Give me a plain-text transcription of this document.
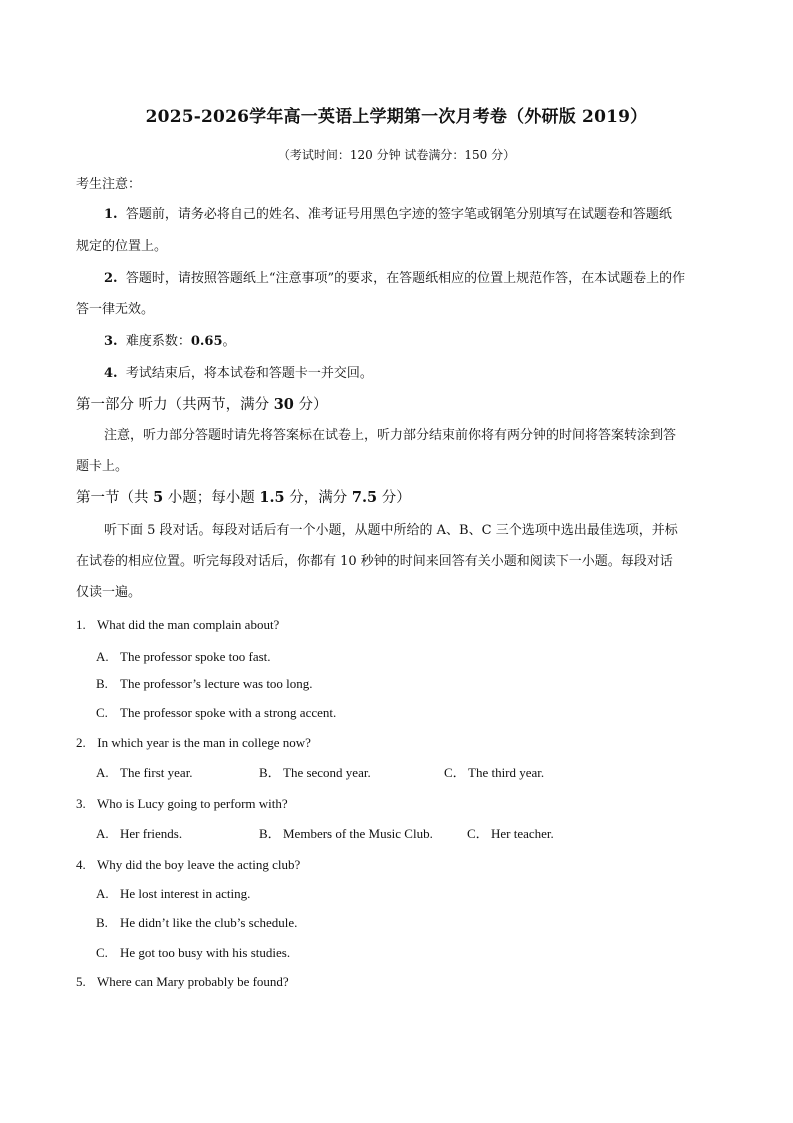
2025-2026学年高一英语上学期第一次月考卷（外研版 2019）
（考试时间：120 分钟 试卷满分：150 分）
考生注意：
1. 答题前，请务必将自己的姓名、准考证号用黑色字迹的签字笔或钢笔分别填写在试题卷和答题纸
规定的位置上。
2. 答题时，请按照答题纸上“注意事项”的要求，在答题纸相应的位置上规范作答，在本试题卷上的作
答一律无效。
3. 难度系数：0.65。
4. 考试结束后，将本试卷和答题卡一并交回。
第一部分 听力（共两节，满分 30 分）
注意，听力部分答题时请先将答案标在试卷上，听力部分结束前你将有两分钟的时间将答案转涂到答
题卡上。
第一节（共 5 小题；每小题 1.5 分，满分 7.5 分）
听下面 5 段对话。每段对话后有一个小题，从题中所给的 A、B、C 三个选项中选出最佳选项，并标
在试卷的相应位置。听完每段对话后，你都有 10 秒钟的时间来回答有关小题和阅读下一小题。每段对话
仅读一遍。
1. What did the man complain about?
A. The professor spoke too fast.
B. The professor’s lecture was too long.
C. The professor spoke with a strong accent.
2. In which year is the man in college now?
A. The first year.	B． The second year.	C． The third year.
3. Who is Lucy going to perform with?
A. Her friends.	B． Members of the Music Club.	C． Her teacher.
4. Why did the boy leave the acting club?
A. He lost interest in acting.
B. He didn’t like the club’s schedule.
C. He got too busy with his studies.
5. Where can Mary probably be found?
